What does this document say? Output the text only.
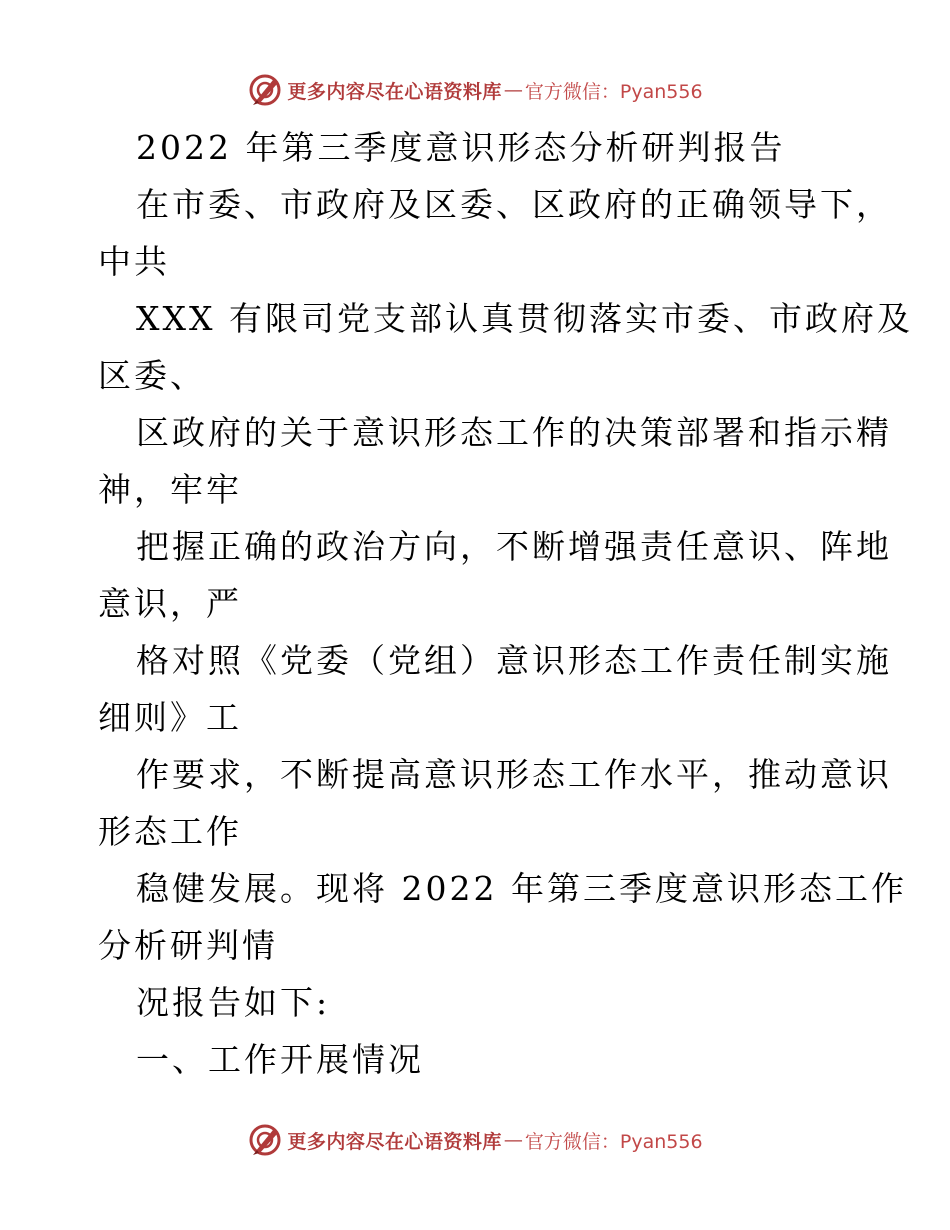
更多内容尽在心语资料库 — 官方微信：Pyan556
2022 年第三季度意识形态分析研判报告
在市委、市政府及区委、区政府的正确领导下，
中共
XXX 有限司党支部认真贯彻落实市委、市政府及
区委、
区政府的关于意识形态工作的决策部署和指示精
神，牢牢
把握正确的政治方向，不断增强责任意识、阵地
意识，严
格对照《党委（党组）意识形态工作责任制实施
细则》工
作要求，不断提高意识形态工作水平，推动意识
形态工作
稳健发展。现将 2022 年第三季度意识形态工作
分析研判情
况报告如下:
一、工作开展情况
更多内容尽在心语资料库 — 官方微信：Pyan556
